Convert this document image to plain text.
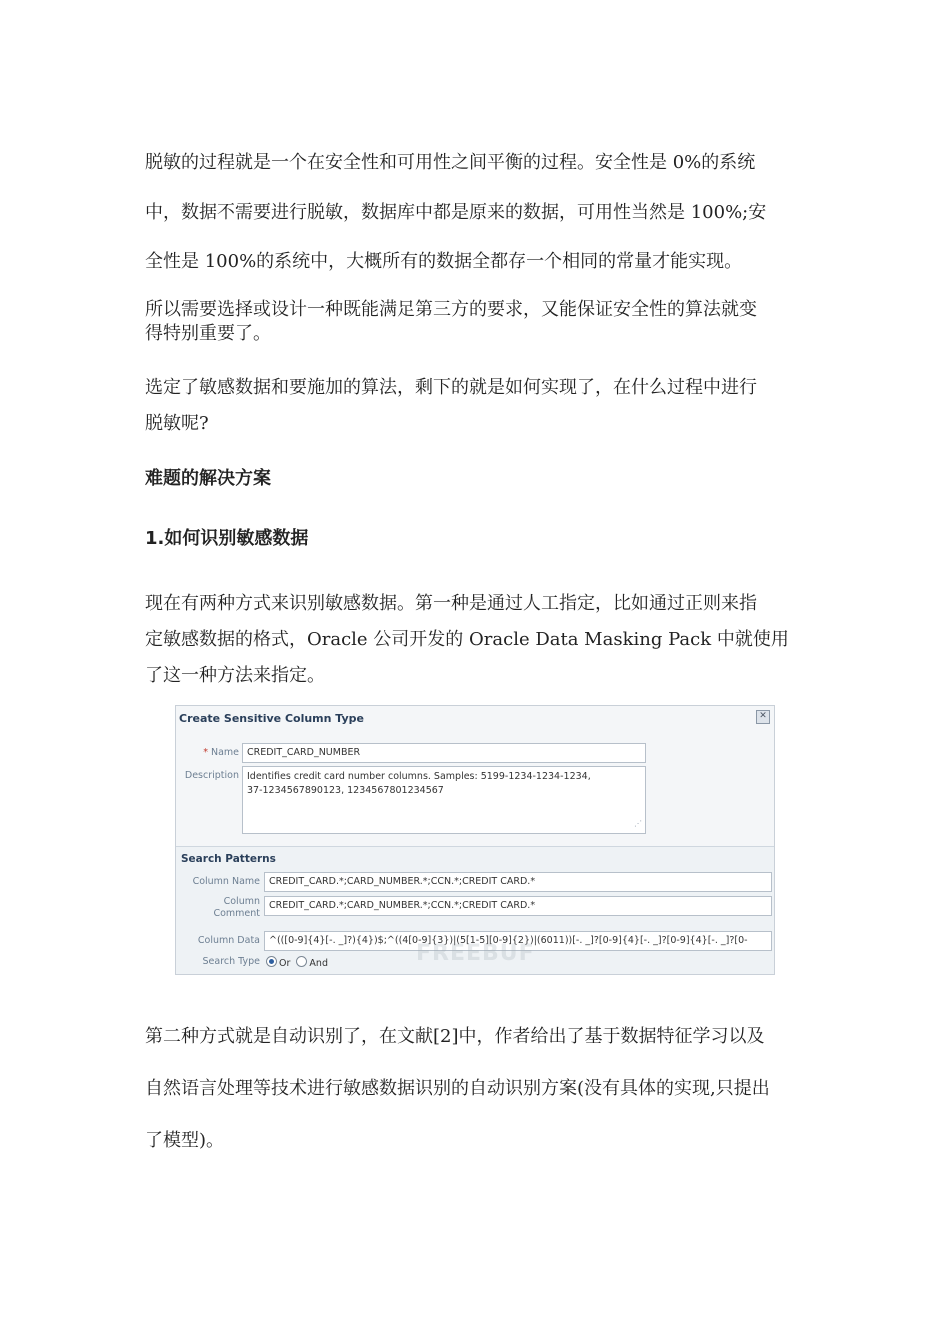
脱敏的过程就是一个在安全性和可用性之间平衡的过程。安全性是 0%的系统
中，数据不需要进行脱敏，数据库中都是原来的数据，可用性当然是 100%;安
全性是 100%的系统中，大概所有的数据全都存一个相同的常量才能实现。
所以需要选择或设计一种既能满足第三方的要求，又能保证安全性的算法就变
得特别重要了。
选定了敏感数据和要施加的算法，剩下的就是如何实现了，在什么过程中进行
脱敏呢?
难题的解决方案
1.如何识别敏感数据
现在有两种方式来识别敏感数据。第一种是通过人工指定，比如通过正则来指
定敏感数据的格式，Oracle 公司开发的 Oracle Data Masking Pack 中就使用
了这一种方法来指定。
Create Sensitive Column Type	✕
* Name CREDIT_CARD_NUMBER
Description Identifies credit card number columns. Samples: 5199-1234-1234-1234,
37-1234567890123, 1234567801234567
⋰
Search Patterns
Column Name CREDIT_CARD.*;CARD_NUMBER.*;CCN.*;CREDIT CARD.*
Column
Comment
CREDIT_CARD.*;CARD_NUMBER.*;CCN.*;CREDIT CARD.*
Column Data ^(([0-9]{4}[-. _]?){4})$;^((4[0-9]{3})|(5[1-5][0-9]{2})|(6011))[-. _]?[0-9]{4}[-. _]?[0-9]{4}[-. _]?[0-
Search Type	Or And	FREEBUF
第二种方式就是自动识别了，在文献[2]中，作者给出了基于数据特征学习以及
自然语言处理等技术进行敏感数据识别的自动识别方案(没有具体的实现,只提出
了模型)。
